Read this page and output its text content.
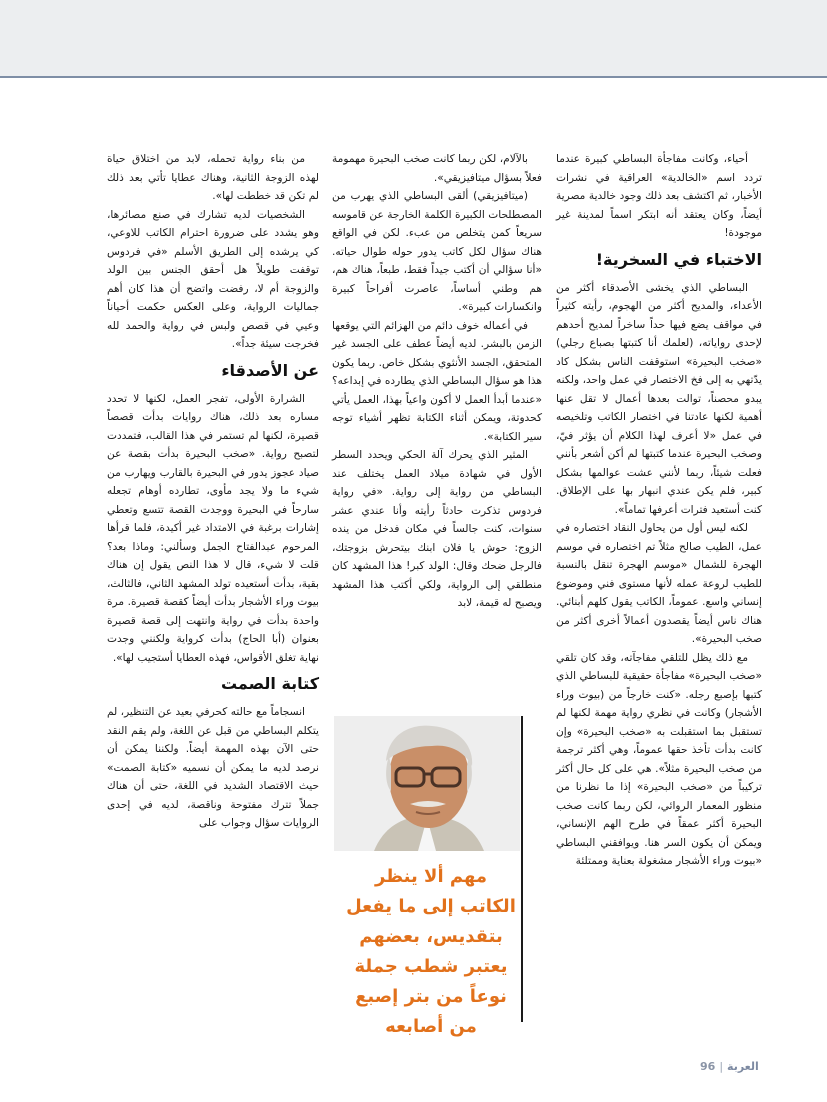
أحياء، وكانت مفاجأة البساطي كبيرة عندما تردد اسم «الخالدية» العراقية في نشرات الأخبار، ثم اكتشف بعد ذلك وجود خالدية مصرية أيضاً، وكان يعتقد أنه ابتكر اسماً لمدينة غير موجودة!

الاختباء في السخرية!

البساطي الذي يخشى الأصدقاء أكثر من الأعداء، والمديح أكثر من الهجوم، رأيته كثيراً في مواقف يضع فيها حداً ساخراً لمديح أحدهم لإحدى رواياته، (لعلمك أنا كتبتها بصباع رجلي) «صخب البحيرة» استوقفت الناس بشكل كاد يدّتهي به إلى فخ الاختصار في عمل واحد، ولكنه يبدو محصناً، توالت بعدها أعمال لا تقل عنها أهمية لكنها عادتنا في اختصار الكاتب وتلخيصه في عمل «لا أعرف لهذا الكلام أن يؤثر فيّ، وصخب البحيرة عندما كتبتها لم أكن أشعر بأنني فعلت شيئاً، ربما لأنني عشت عوالمها بشكل كبير، فلم يكن عندي انبهار بها على الإطلاق. كنت أستعيد فترات أعرفها تماماً».

لكنه ليس أول من يحاول النقاد اختصاره في عمل، الطيب صالح مثلاً تم اختصاره في موسم الهجرة للشمال «موسم الهجرة تنقل بالنسبة للطيب لروعة عمله لأنها مستوى فني وموضوع إنساني واسع. عموماً، الكاتب يقول كلهم أبنائي. هناك ناس أيضاً يقصدون أعمالاً أخرى أكثر من صخب البحيرة».

مع ذلك يظل للتلقي مفاجآته، وقد كان تلقي «صخب البحيرة» مفاجأة حقيقية للبساطي الذي كتبها بإصبع رجله. «كنت خارجاً من (بيوت وراء الأشجار) وكانت في نظري رواية مهمة لكنها لم تستقبل بما استقبلت به «صخب البحيرة» وإن كانت بدأت تأخذ حقها عموماً، وهي أكثر ترجمة من صخب البحيرة مثلاً». هي على كل حال أكثر تركيباً من «صخب البحيرة» إذا ما نظرنا من منظور المعمار الروائي، لكن ربما كانت صخب البحيرة أكثر عمقاً في طرح الهم الإنساني، ويمكن أن يكون السر هنا. ويوافقني البساطي «بيوت وراء الأشجار مشغولة بعناية وممتلئة

بالآلام، لكن ربما كانت صخب البحيرة مهمومة فعلاً بسؤال ميتافيزيقي».

(ميتافيزيقي) ألقى البساطي الذي يهرب من المصطلحات الكبيرة الكلمة الخارجة عن قاموسه سريعاً كمن يتخلص من عبء. لكن في الواقع هناك سؤال لكل كاتب يدور حوله طوال حياته. «أنا سؤالي أن أكتب جيداً فقط، طبعاً، هناك هم، هم وطني أساساً، عاصرت أفراحاً كبيرة وانكسارات كبيرة».

في أعماله خوف دائم من الهزائم التي يوقعها الزمن بالبشر. لديه أيضاً عطف على الجسد غير المتحقق، الجسد الأنثوي بشكل خاص. ربما يكون هذا هو سؤال البساطي الذي يطارده في إبداعه؟ «عندما أبدأ العمل لا أكون واعياً بهذا، العمل يأتي كحدوتة، ويمكن أثناء الكتابة تظهر أشياء توجه سير الكتابة».

المثير الذي يحرك آلة الحكي ويحدد السطر الأول في شهادة ميلاد العمل يختلف عند البساطي من رواية إلى رواية. «في رواية فردوس تذكرت حادثاً رأيته وأنا عندي عشر سنوات، كنت جالساً في مكان فدخل من ينده الزوج: حوش يا فلان ابنك بيتحرش بزوجتك، فالرجل ضحك وقال: الولد كبر! هذا المشهد كان منطلقي إلى الرواية، ولكي أكتب هذا المشهد ويصبح له قيمة، لابد

من بناء رواية تحمله، لابد من اختلاق حياة لهذه الزوجة الثانية، وهناك عطايا تأتي بعد ذلك لم تكن قد خططت لها».

الشخصيات لديه تشارك في صنع مصائرها، وهو يشدد على ضرورة احترام الكاتب للاوعي، كي يرشده إلى الطريق الأسلم «في فردوس توقفت طويلاً هل أحقق الجنس بين الولد والزوجة أم لا، رفضت واتضح أن هذا كان أهم جماليات الرواية، وعلى العكس حكمت أحياناً وعيي في قصص ولبس في رواية والحمد لله فخرجت سيئة جداً».

عن الأصدقاء

الشرارة الأولى، تفجر العمل، لكنها لا تحدد مساره بعد ذلك، هناك روايات بدأت قصصاً قصيرة، لكنها لم تستمر في هذا القالب، فتمددت لتصبح رواية. «صخب البحيرة بدأت بقصة عن صياد عجوز يدور في البحيرة بالقارب ويهارب من شيء ما ولا يجد مأوى، تطارده أوهام تجعله سارحاً في البحيرة ووجدت القصة تتسع وتعطي إشارات برغبة في الامتداد غير أكيدة، فلما قرأها المرحوم عبدالفتاح الجمل وسألني: وماذا بعد؟ قلت لا شيء، قال لا هذا النص يقول إن هناك بقية، بدأت أستعيده تولد المشهد الثاني، فالثالث، بيوت وراء الأشجار بدأت أيضاً كقصة قصيرة. مرة واحدة بدأت في رواية وانتهت إلى قصة قصيرة بعنوان (أبا الحاج) بدأت كرواية ولكنني وجدت نهاية تغلق الأقواس، فهذه العطايا أستجيب لها».

كتابة الصمت

انسجاماً مع حالته كحرفي بعيد عن التنظير، لم يتكلم البساطي من قبل عن اللغة، ولم يقم النقد حتى الآن بهذه المهمة أيضاً. ولكننا يمكن أن نرصد لديه ما يمكن أن نسميه «كتابة الصمت» حيث الاقتصاد الشديد في اللغة، حتى أن هناك جملاً تترك مفتوحة وناقصة، لديه في إحدى الروايات سؤال وجواب على

مهم ألا ينظر الكاتب إلى ما يفعل بتقديس، بعضهم يعتبر شطب جملة نوعاً من بتر إصبع من أصابعه
العربة|96
